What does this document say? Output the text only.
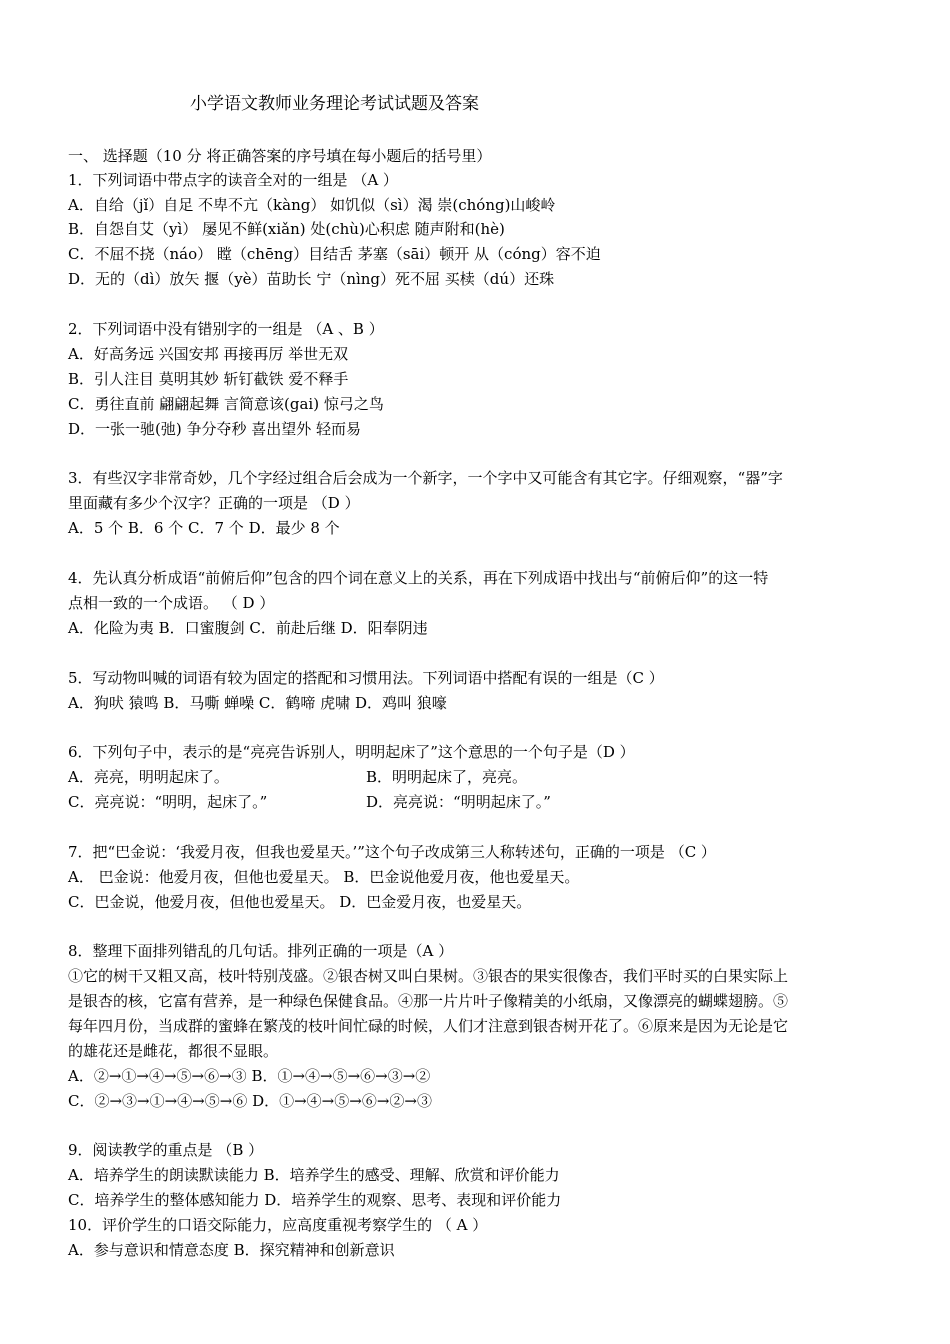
小学语文教师业务理论考试试题及答案
一、 选择题（10 分 将正确答案的序号填在每小题后的括号里）
1．下列词语中带点字的读音全对的一组是 （A ）
A．自给（jǐ）自足 不卑不亢（kàng） 如饥似（sì）渴 崇(chóng)山峻岭
B．自怨自艾（yì） 屡见不鲜(xiǎn) 处(chù)心积虑 随声附和(hè)
C．不屈不挠（náo） 瞠（chēng）目结舌 茅塞（sāi）顿开 从（cóng）容不迫
D．无的（dì）放矢 揠（yè）苗助长 宁（nìng）死不屈 买椟（dú）还珠
2．下列词语中没有错别字的一组是 （A 、B ）
A．好高务远 兴国安邦 再接再厉 举世无双
B．引人注目 莫明其妙 斩钉截铁 爱不释手
C．勇往直前 翩翩起舞 言简意该(gai) 惊弓之鸟
D．一张一驰(弛) 争分夺秒 喜出望外 轻而易
3．有些汉字非常奇妙，几个字经过组合后会成为一个新字，一个字中又可能含有其它字。仔细观察，“器”字
里面藏有多少个汉字？正确的一项是 （D ）
A．5 个 B．6 个 C．7 个 D．最少 8 个
4．先认真分析成语“前俯后仰”包含的四个词在意义上的关系，再在下列成语中找出与“前俯后仰”的这一特
点相一致的一个成语。 （ D ）
A．化险为夷 B．口蜜腹剑 C．前赴后继 D．阳奉阴违
5．写动物叫喊的词语有较为固定的搭配和习惯用法。下列词语中搭配有误的一组是（C ）
A．狗吠 猿鸣 B．马嘶 蝉噪 C．鹤啼 虎啸 D．鸡叫 狼嚎
6．下列句子中，表示的是“亮亮告诉别人，明明起床了”这个意思的一个句子是（D ）
A．亮亮，明明起床了。	B．明明起床了，亮亮。
C．亮亮说：“明明，起床了。”	D．亮亮说：“明明起床了。”
7．把“巴金说：‘我爱月夜，但我也爱星天。’”这个句子改成第三人称转述句，正确的一项是 （C ）
A． 巴金说：他爱月夜，但他也爱星天。 B．巴金说他爱月夜，他也爱星天。
C．巴金说，他爱月夜，但他也爱星天。 D．巴金爱月夜，也爱星天。
8．整理下面排列错乱的几句话。排列正确的一项是（A ）
①它的树干又粗又高，枝叶特别茂盛。②银杏树又叫白果树。③银杏的果实很像杏，我们平时买的白果实际上
是银杏的核，它富有营养，是一种绿色保健食品。④那一片片叶子像精美的小纸扇，又像漂亮的蝴蝶翅膀。⑤
每年四月份，当成群的蜜蜂在繁茂的枝叶间忙碌的时候，人们才注意到银杏树开花了。⑥原来是因为无论是它
的雄花还是雌花，都很不显眼。
A．②→①→④→⑤→⑥→③ B．①→④→⑤→⑥→③→②
C．②→③→①→④→⑤→⑥ D．①→④→⑤→⑥→②→③
9．阅读教学的重点是 （B ）
A．培养学生的朗读默读能力 B．培养学生的感受、理解、欣赏和评价能力
C．培养学生的整体感知能力 D．培养学生的观察、思考、表现和评价能力
10．评价学生的口语交际能力，应高度重视考察学生的 （ A ）
A．参与意识和情意态度 B．探究精神和创新意识
